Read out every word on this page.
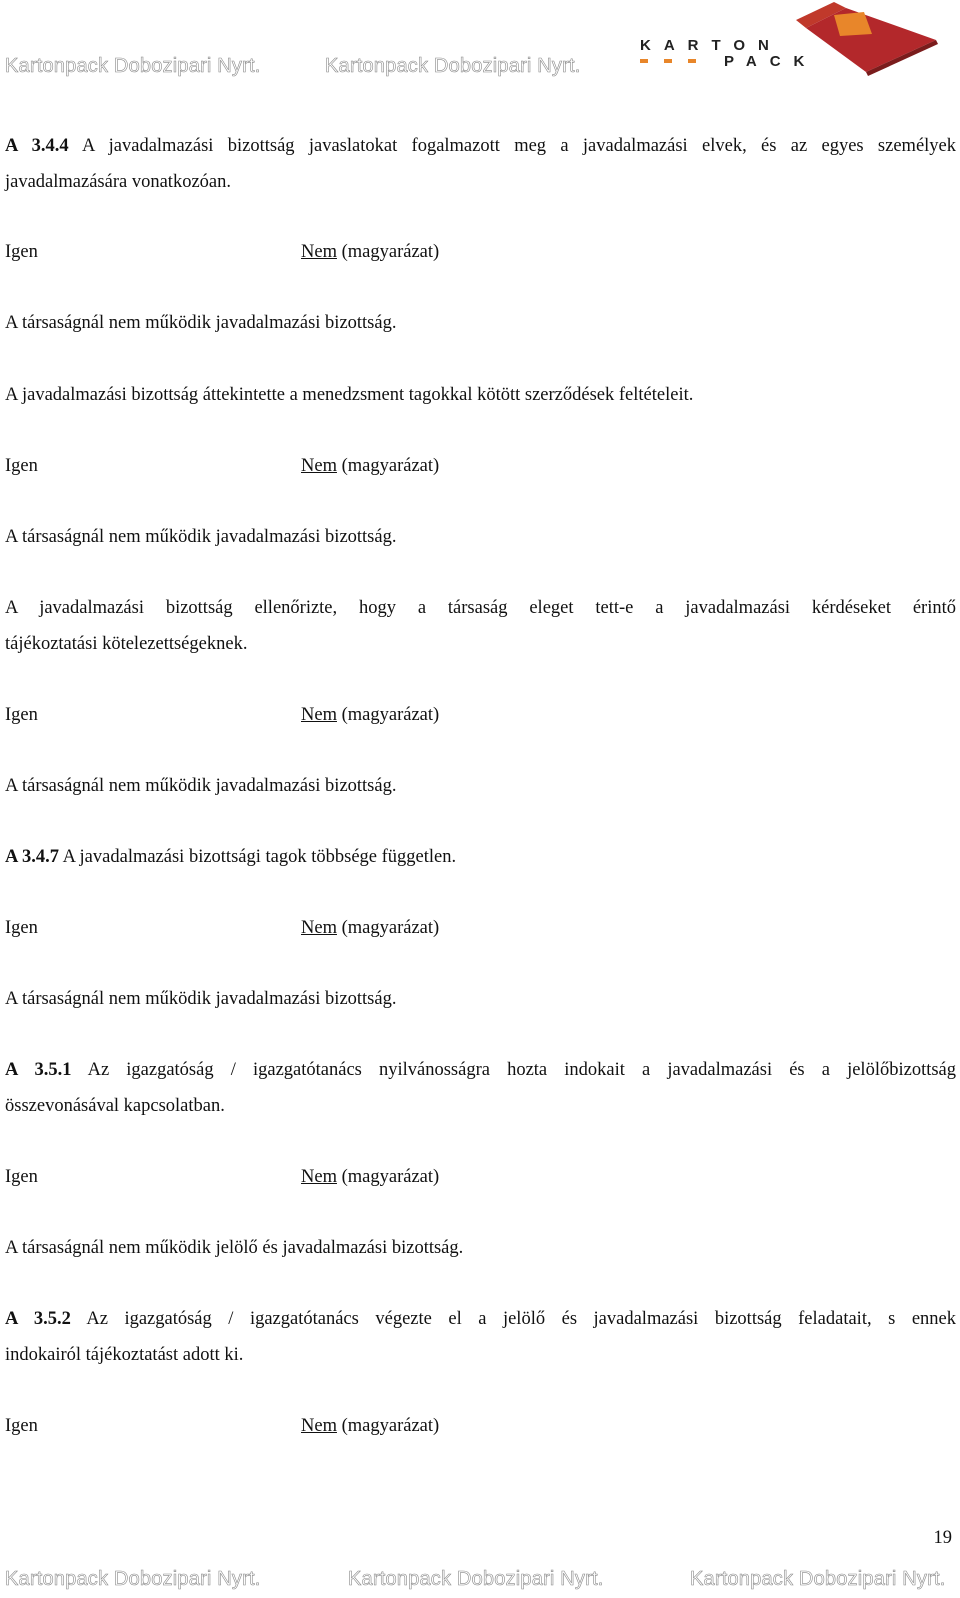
Kartonpack Dobozipari Nyrt.	Kartonpack Dobozipari Nyrt.
KARTON
PACK
A 3.4.4 A javadalmazási bizottság javaslatokat fogalmazott meg a javadalmazási elvek, és az egyes személyek
javadalmazására vonatkozóan.
Igen	Nem (magyarázat)
A társaságnál nem működik javadalmazási bizottság.
A javadalmazási bizottság áttekintette a menedzsment tagokkal kötött szerződések feltételeit.
Igen	Nem (magyarázat)
A társaságnál nem működik javadalmazási bizottság.
A javadalmazási bizottság ellenőrizte, hogy a társaság eleget tett-e a javadalmazási kérdéseket érintő
tájékoztatási kötelezettségeknek.
Igen	Nem (magyarázat)
A társaságnál nem működik javadalmazási bizottság.
A 3.4.7 A javadalmazási bizottsági tagok többsége független.
Igen	Nem (magyarázat)
A társaságnál nem működik javadalmazási bizottság.
A 3.5.1 Az igazgatóság / igazgatótanács nyilvánosságra hozta indokait a javadalmazási és a jelölőbizottság
összevonásával kapcsolatban.
Igen	Nem (magyarázat)
A társaságnál nem működik jelölő és javadalmazási bizottság.
A 3.5.2 Az igazgatóság / igazgatótanács végezte el a jelölő és javadalmazási bizottság feladatait, s ennek
indokairól tájékoztatást adott ki.
Igen	Nem (magyarázat)
19
Kartonpack Dobozipari Nyrt.	Kartonpack Dobozipari Nyrt.	Kartonpack Dobozipari Nyrt.
